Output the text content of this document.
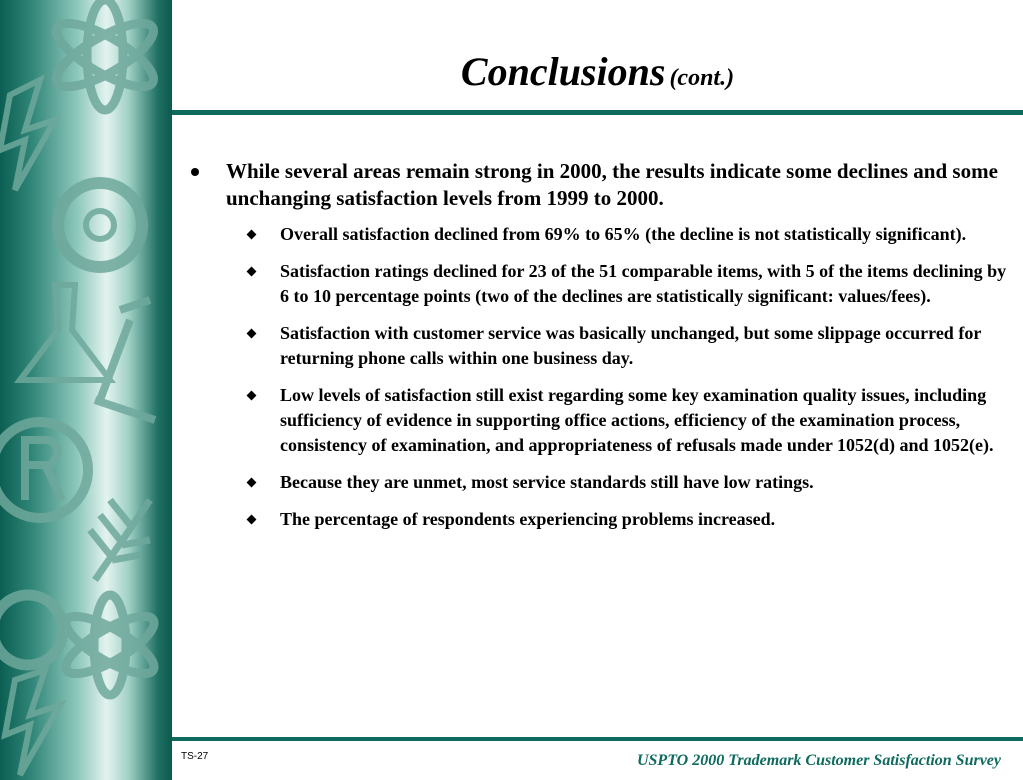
Conclusions (cont.)
While several areas remain strong in 2000, the results indicate some declines and some unchanging satisfaction levels from 1999 to 2000.
Overall satisfaction declined from 69% to 65% (the decline is not statistically significant).
Satisfaction ratings declined for 23 of the 51 comparable items, with 5 of the items declining by 6 to 10 percentage points (two of the declines are statistically significant: values/fees).
Satisfaction with customer service was basically unchanged, but some slippage occurred for returning phone calls within one business day.
Low levels of satisfaction still exist regarding some key examination quality issues, including sufficiency of evidence in supporting office actions, efficiency of the examination process, consistency of examination, and appropriateness of refusals made under 1052(d) and 1052(e).
Because they are unmet, most service standards still have low ratings.
The percentage of respondents experiencing problems increased.
TS-27	USPTO 2000 Trademark Customer Satisfaction Survey
